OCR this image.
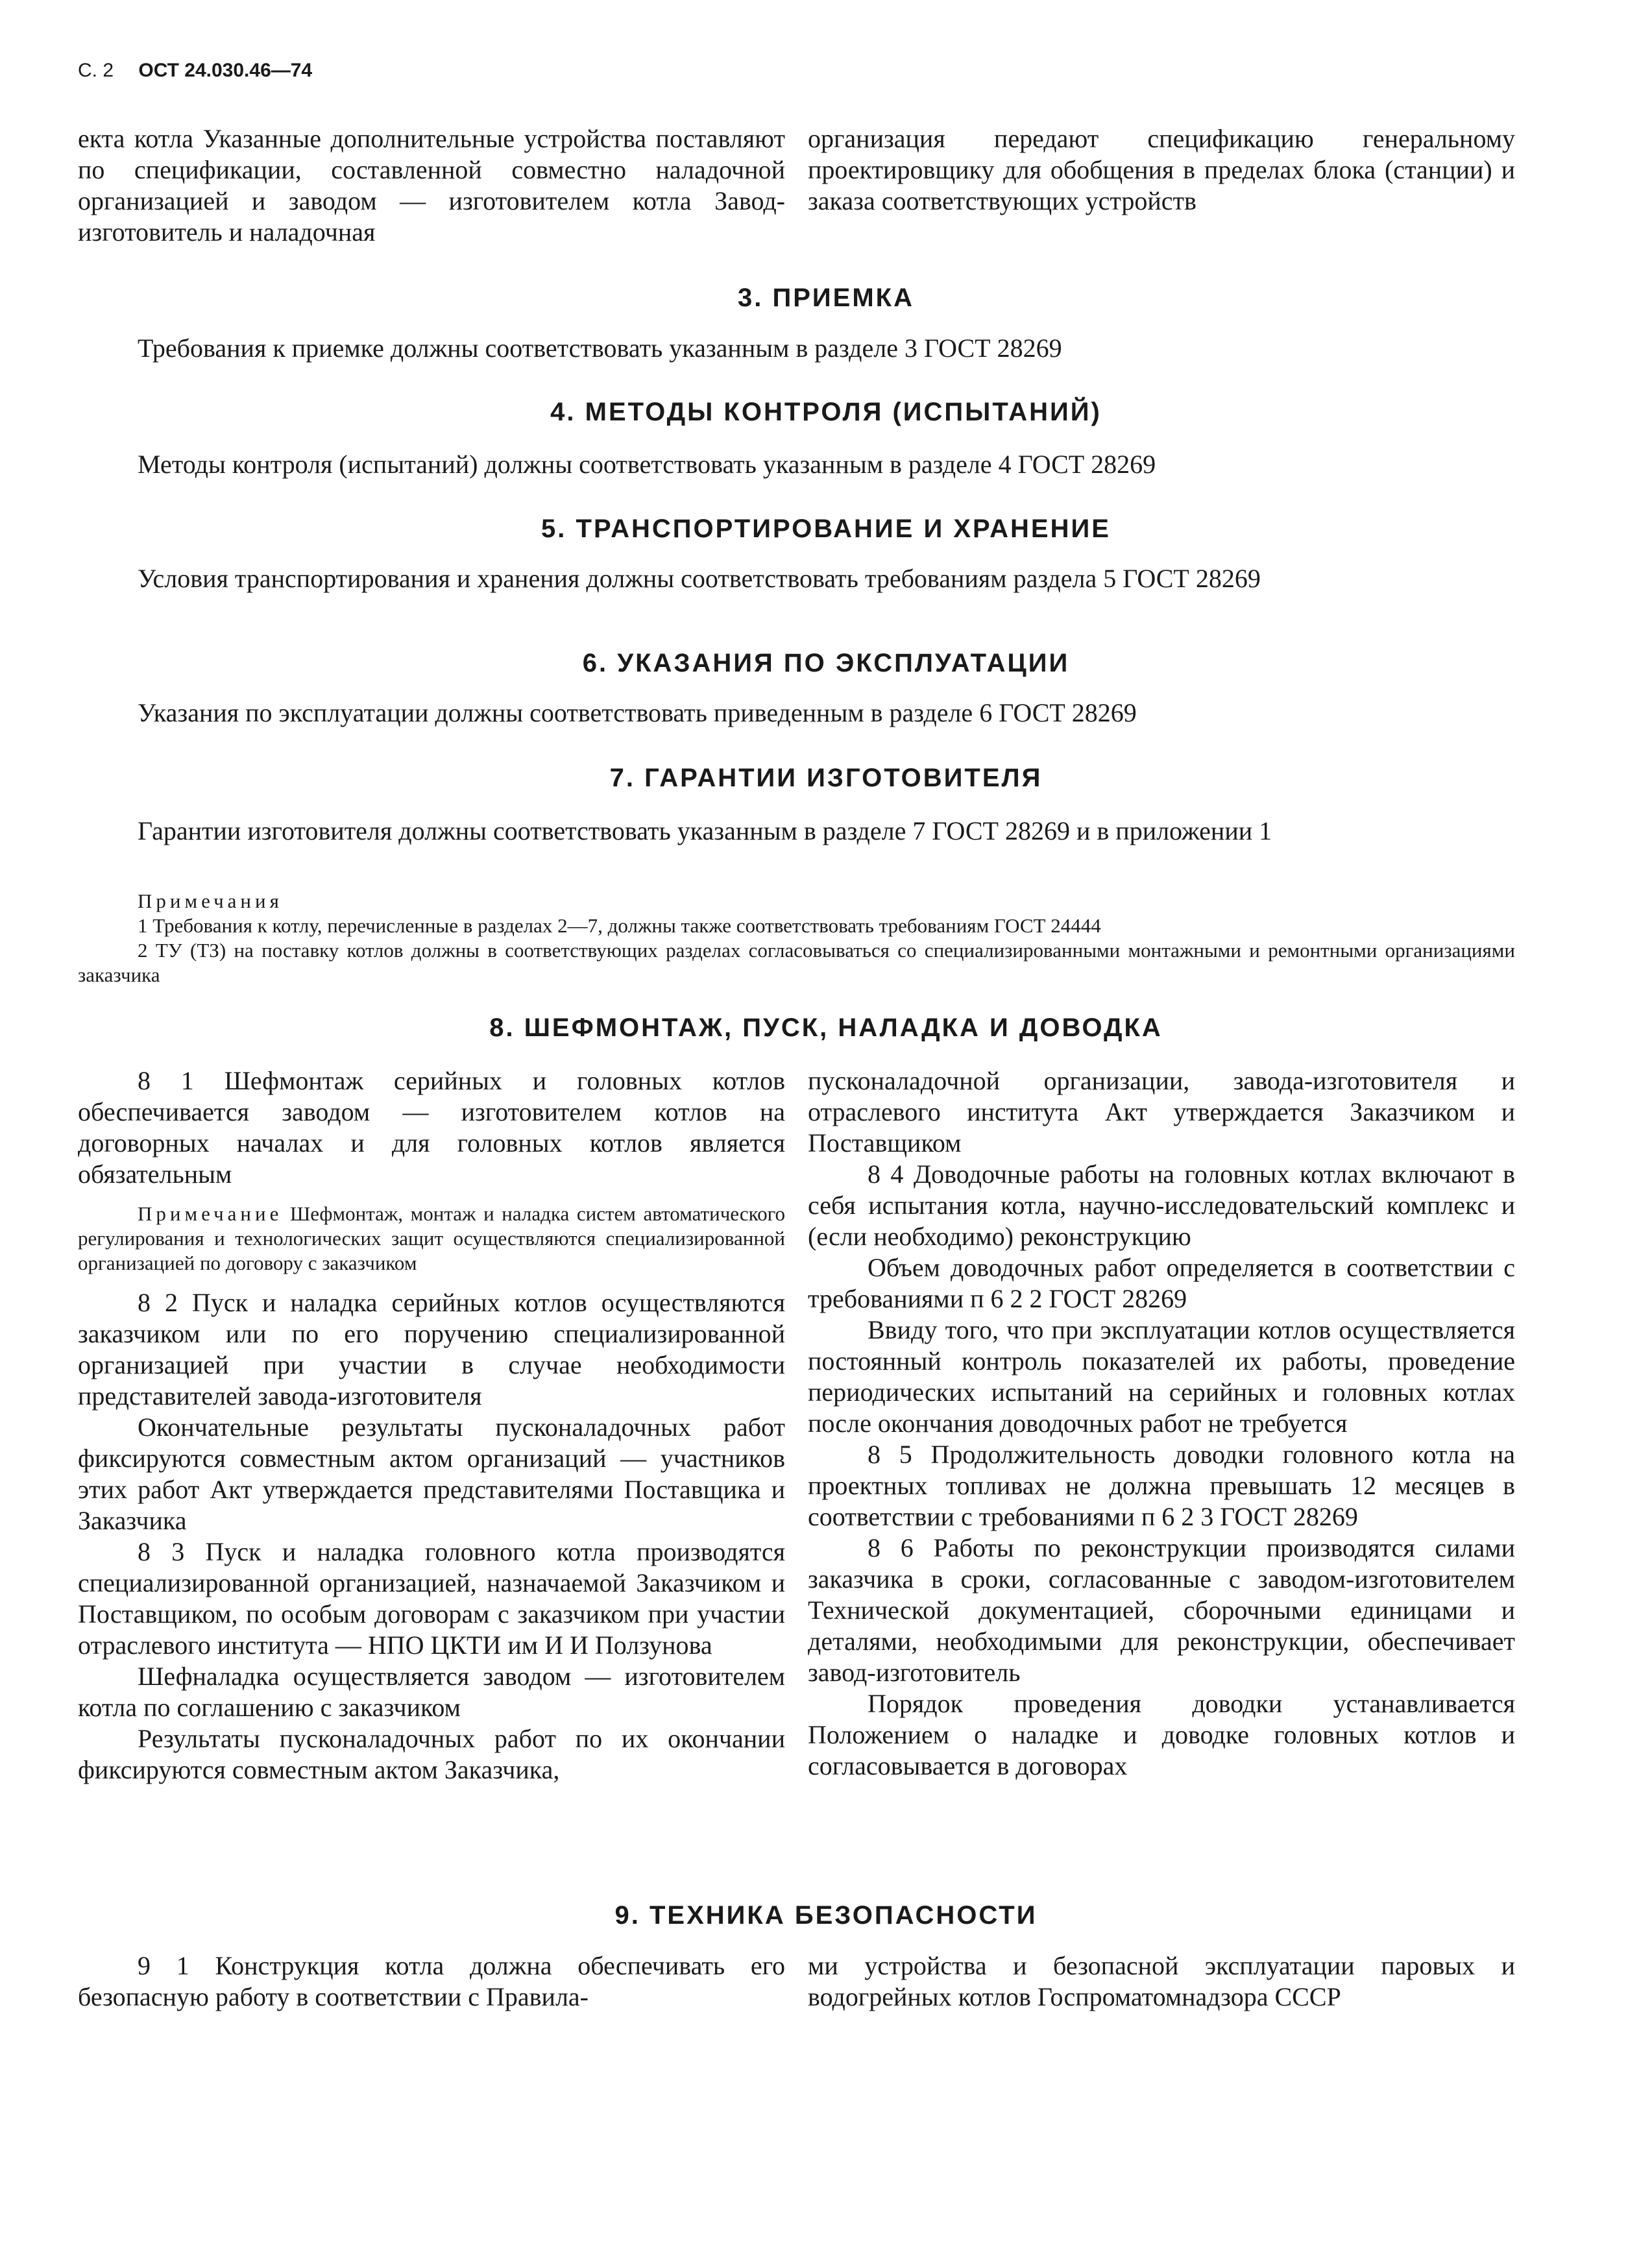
С. 2 ОСТ 24.030.46—74

екта котла Указанные дополнительные устройства поставляют по спецификации, составленной совместно наладочной организацией и заводом — изготовителем котла Завод-изготовитель и наладочная

организация передают спецификацию генеральному проектировщику для обобщения в пределах блока (станции) и заказа соответствующих устройств

3. ПРИЕМКА

Требования к приемке должны соответствовать указанным в разделе 3 ГОСТ 28269

4. МЕТОДЫ КОНТРОЛЯ (ИСПЫТАНИЙ)

Методы контроля (испытаний) должны соответствовать указанным в разделе 4 ГОСТ 28269

5. ТРАНСПОРТИРОВАНИЕ И ХРАНЕНИЕ

Условия транспортирования и хранения должны соответствовать требованиям раздела 5 ГОСТ 28269

6. УКАЗАНИЯ ПО ЭКСПЛУАТАЦИИ

Указания по эксплуатации должны соответствовать приведенным в разделе 6 ГОСТ 28269

7. ГАРАНТИИ ИЗГОТОВИТЕЛЯ

Гарантии изготовителя должны соответствовать указанным в разделе 7 ГОСТ 28269 и в приложении 1

Примечания

1 Требования к котлу, перечисленные в разделах 2—7, должны также соответствовать требованиям ГОСТ 24444

2 ТУ (ТЗ) на поставку котлов должны в соответствующих разделах согласовываться со специализированными монтажными и ремонтными организациями заказчика

8. ШЕФМОНТАЖ, ПУСК, НАЛАДКА И ДОВОДКА

8 1 Шефмонтаж серийных и головных котлов обеспечивается заводом — изготовителем котлов на договорных началах и для головных котлов является обязательным

Примечание Шефмонтаж, монтаж и наладка систем автоматического регулирования и технологических защит осуществляются специализированной организацией по договору с заказчиком

8 2 Пуск и наладка серийных котлов осуществляются заказчиком или по его поручению специализированной организацией при участии в случае необходимости представителей завода-изготовителя

Окончательные результаты пусконаладочных работ фиксируются совместным актом организаций — участников этих работ Акт утверждается представителями Поставщика и Заказчика

8 3 Пуск и наладка головного котла производятся специализированной организацией, назначаемой Заказчиком и Поставщиком, по особым договорам с заказчиком при участии отраслевого института — НПО ЦКТИ им И И Ползунова

Шефналадка осуществляется заводом — изготовителем котла по соглашению с заказчиком

Результаты пусконаладочных работ по их окончании фиксируются совместным актом Заказчика,

пусконаладочной организации, завода-изготовителя и отраслевого института Акт утверждается Заказчиком и Поставщиком

8 4 Доводочные работы на головных котлах включают в себя испытания котла, научно-исследовательский комплекс и (если необходимо) реконструкцию

Объем доводочных работ определяется в соответствии с требованиями п 6 2 2 ГОСТ 28269

Ввиду того, что при эксплуатации котлов осуществляется постоянный контроль показателей их работы, проведение периодических испытаний на серийных и головных котлах после окончания доводочных работ не требуется

8 5 Продолжительность доводки головного котла на проектных топливах не должна превышать 12 месяцев в соответствии с требованиями п 6 2 3 ГОСТ 28269

8 6 Работы по реконструкции производятся силами заказчика в сроки, согласованные с заводом-изготовителем Технической документацией, сборочными единицами и деталями, необходимыми для реконструкции, обеспечивает завод-изготовитель

Порядок проведения доводки устанавливается Положением о наладке и доводке головных котлов и согласовывается в договорах

9. ТЕХНИКА БЕЗОПАСНОСТИ

9 1 Конструкция котла должна обеспечивать его безопасную работу в соответствии с Правила-

ми устройства и безопасной эксплуатации паровых и водогрейных котлов Госпроматомнадзора СССР
